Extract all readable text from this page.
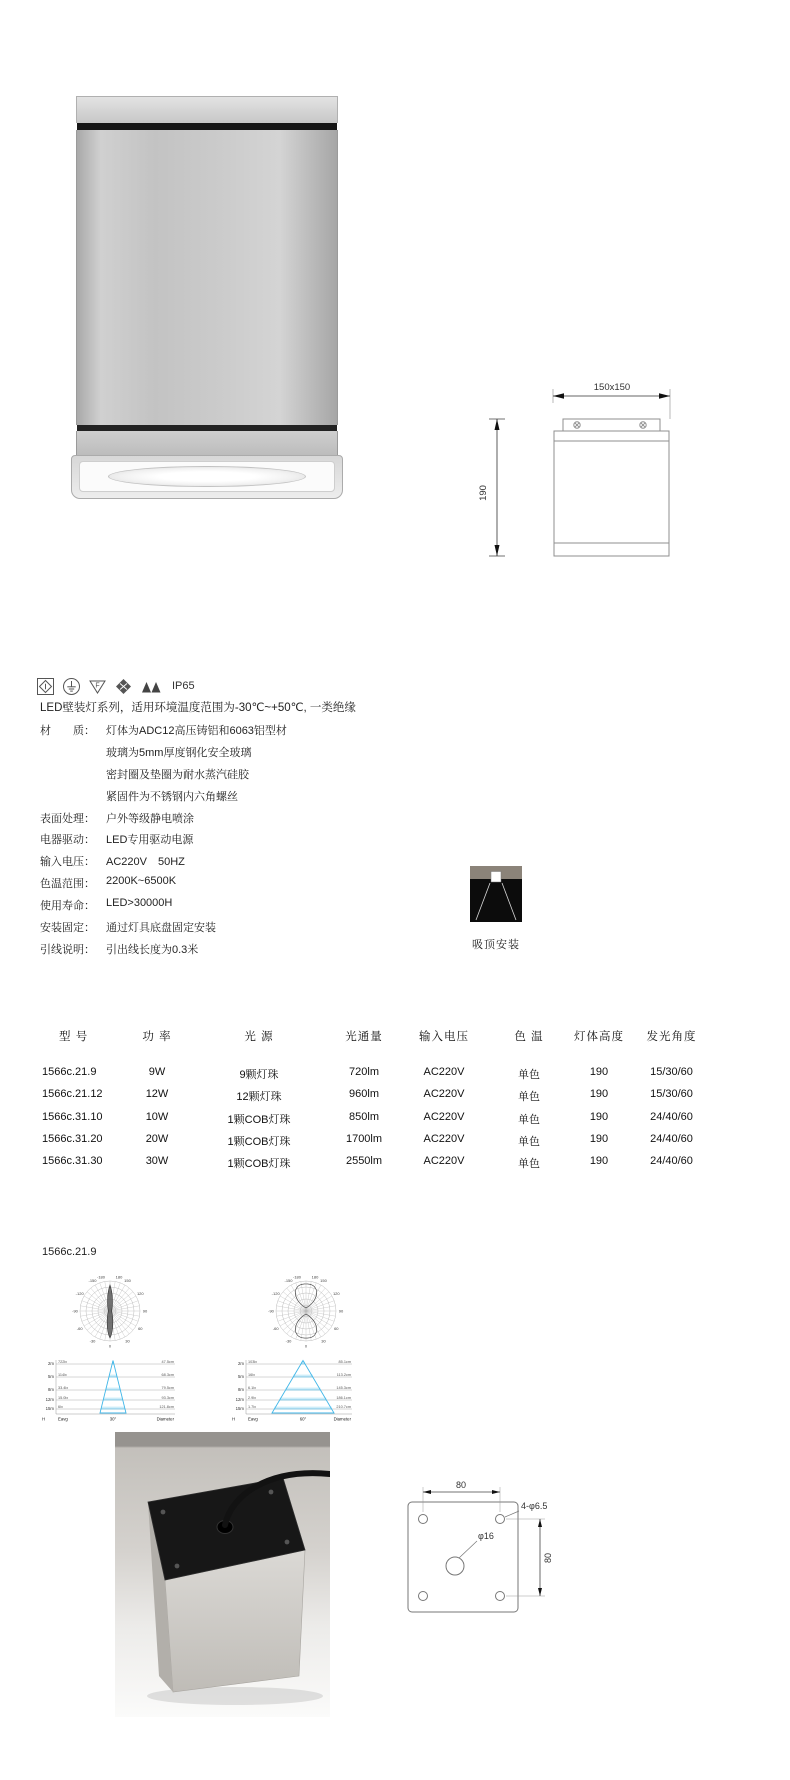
150x150
190
F	IP65
LED壁装灯系列，适用环境温度范围为-30℃~+50℃, 一类绝缘
材　　质：	灯体为ADC12高压铸铝和6063铝型材
玻璃为5mm厚度钢化安全玻璃
密封圈及垫圈为耐水蒸汽硅胶
紧固件为不锈钢内六角螺丝
表面处理：	户外等级静电喷涂
电器驱动：	LED专用驱动电源
输入电压：	AC220V　50HZ
色温范围：	2200K~6500K
使用寿命：	LED>30000H
安装固定：	通过灯具底盘固定安装
引线说明：	引出线长度为0.3米	吸顶安装
型 号	功 率	光 源	光通量	输入电压	色 温	灯体高度	发光角度
1566c.21.9	9W	9颗灯珠	720lm	AC220V	单色	190	15/30/60
1566c.21.12	12W	12颗灯珠	960lm	AC220V	单色	190	15/30/60
1566c.31.10	10W	1颗COB灯珠	850lm	AC220V	单色	190	24/40/60
1566c.31.20	20W	1颗COB灯珠	1700lm	AC220V	单色	190	24/40/60
1566c.31.30	30W	1颗COB灯珠	2550lm	AC220V	单色	190	24/40/60
1566c.21.9
-180	180
-150	150
-120	120
-90	90
-60	60
-30	30
0
-180	180
-150	150
-120	120
-90	90
-60	60
-30	30
0
2m 722lx	47.5cm
5m 114lx	68.3cm
8m 33.4lx	79.5cm
12m 15.0lx	93.3cm
15m 6lx	121.8cm
H	Eavg	30°	Diameter
2m 103lx	85.1cm
5m 16lx	113.2cm
8m 6.1lx	145.3cm
12m 2.9lx	186.1cm
15m 1.7lx	210.7cm
H	Eavg	60°	Diameter
φ16
80
4-φ6.5
80
